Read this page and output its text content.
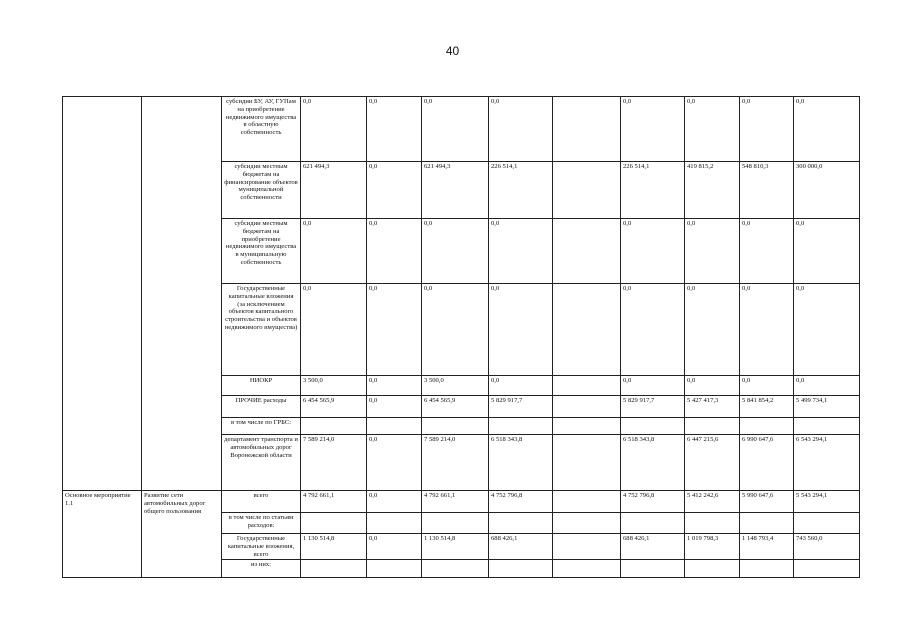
40
		субсидии БУ, АУ, ГУПам на приобретение недвижимого имущества в областную собственность	0,0	0,0	0,0	0,0		0,0	0,0	0,0	0,0
		субсидии местным бюджетам на финансирование объектов муниципальной собственности	621 494,3	0,0	621 494,3	226 514,1		226 514,1	419 815,2	548 810,3	300 000,0
		субсидии местным бюджетам на приобретение недвижимого имущества в муниципальную собственность	0,0	0,0	0,0	0,0		0,0	0,0	0,0	0,0
		Государственные капитальные вложения (за исключением объектов капитального строительства и объектов недвижимого имущества)	0,0	0,0	0,0	0,0		0,0	0,0	0,0	0,0
		НИОКР	3 500,0	0,0	3 500,0	0,0		0,0	0,0	0,0	0,0
		ПРОЧИЕ расходы	6 454 565,9	0,0	6 454 565,9	5 829 917,7		5 829 917,7	5 427 417,3	5 841 854,2	5 499 734,1
		в том числе по ГРБС:									
		департамент транспорта и автомобильных дорог Воронежской области	7 589 214,0	0,0	7 589 214,0	6 518 343,8		6 518 343,8	6 447 215,6	6 990 647,6	6 543 294,1
Основное мероприятие 1.1	Развитие сети автомобильных дорог общего пользования	всего	4 792 661,1	0,0	4 792 661,1	4 752 796,8		4 752 796,8	5 412 242,6	5 990 647,6	5 543 294,1
		в том числе по статьям расходов:									
		Государственные капитальные вложения, всего	1 130 514,8	0,0	1 130 514,8	688 426,1		688 426,1	1 019 798,3	1 148 793,4	743 560,0
		из них:									
